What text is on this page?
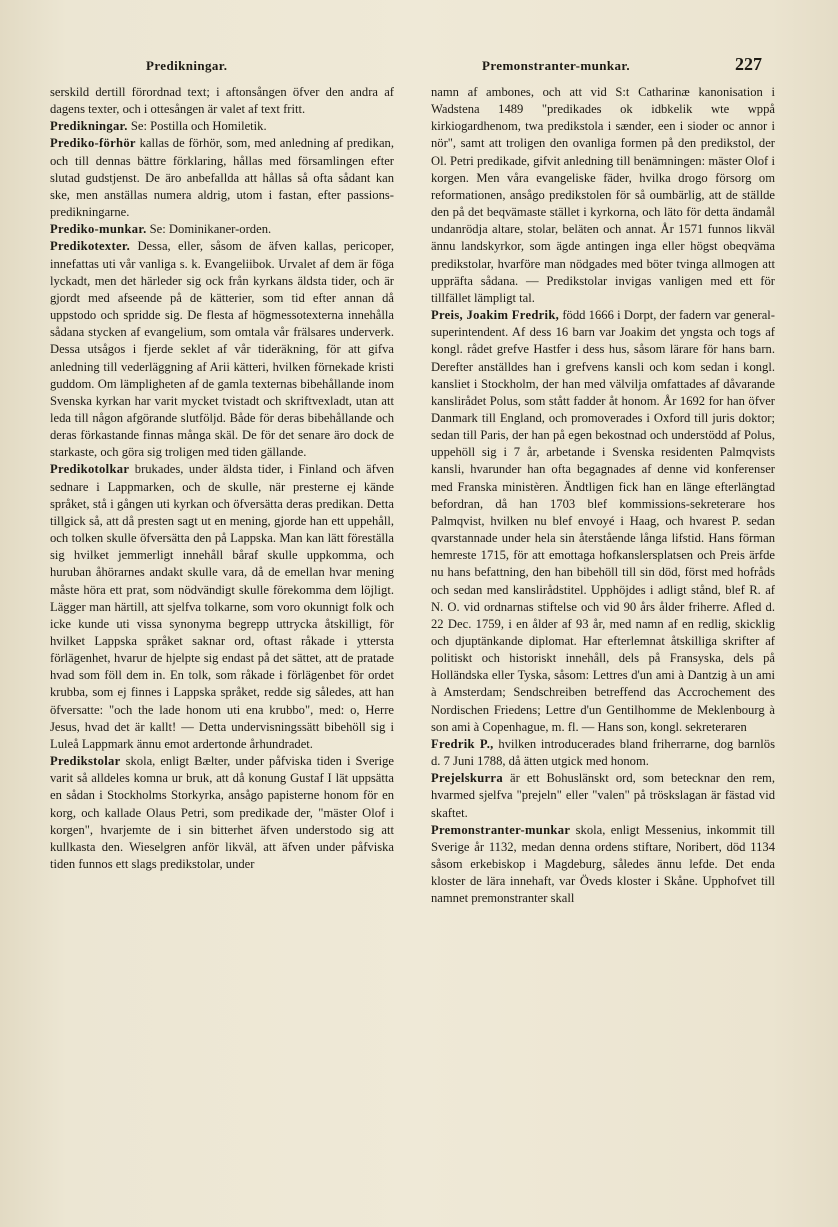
Predikningar.	Premonstranter-munkar.	227

serskild dertill förordnad text; i aftonsången öfver den andra af dagens texter, och i ottesången är valet af text fritt.

Predikningar. Se: Postilla och Homiletik.

Prediko-förhör kallas de förhör, som, med anledning af predikan, och till dennas bättre förklaring, hållas med församlingen efter slutad gudstjenst. De äro anbefallda att hållas så ofta sådant kan ske, men anställas numera aldrig, utom i fastan, efter passions-predikningarne.

Prediko-munkar. Se: Dominikaner-orden.

Predikotexter. Dessa, eller, såsom de äfven kallas, pericoper, innefattas uti vår vanliga s. k. Evangeliibok. Urvalet af dem är föga lyckadt, men det härleder sig ock från kyrkans äldsta tider, och är gjordt med afseende på de kätterier, som tid efter annan då uppstodo och spridde sig. De flesta af högmessotexterna innehålla sådana stycken af evangelium, som omtala vår frälsares underverk. Dessa utsågos i fjerde seklet af vår tideräkning, för att gifva anledning till vederläggning af Arii kätteri, hvilken förnekade kristi guddom. Om lämpligheten af de gamla texternas bibehållande inom Svenska kyrkan har varit mycket tvistadt och skriftvexladt, utan att leda till någon afgörande slutföljd. Både för deras bibehållande och deras förkastande finnas många skäl. De för det senare äro dock de starkaste, och göra sig troligen med tiden gällande.

Predikotolkar brukades, under äldsta tider, i Finland och äfven sednare i Lappmarken, och de skulle, när presterne ej kände språket, stå i gången uti kyrkan och öfversätta deras predikan. Detta tillgick så, att då presten sagt ut en mening, gjorde han ett uppehåll, och tolken skulle öfversätta den på Lappska. Man kan lätt föreställa sig hvilket jemmerligt innehåll båraf skulle uppkomma, och huruban åhörarnes andakt skulle vara, då de emellan hvar mening måste höra ett prat, som nödvändigt skulle förekomma dem löjligt. Lägger man härtill, att sjelfva tolkarne, som voro okunnigt folk och icke kunde uti vissa synonyma begrepp uttrycka åtskilligt, för hvilket Lappska språket saknar ord, oftast råkade i yttersta förlägenhet, hvarur de hjelpte sig endast på det sättet, att de pratade hvad som föll dem in. En tolk, som råkade i förlägenbet för ordet krubba, som ej finnes i Lappska språket, redde sig således, att han öfversatte: "och the lade honom uti ena krubbo", med: o, Herre Jesus, hvad det är kallt! — Detta undervisningssätt bibehöll sig i Luleå Lappmark ännu emot ardertonde århundradet.

Predikstolar skola, enligt Bælter, under påfviska tiden i Sverige varit så alldeles komna ur bruk, att då konung Gustaf I lät uppsätta en sådan i Stockholms Storkyrka, ansågo papisterne honom för en korg, och kallade Olaus Petri, som predikade der, "mäster Olof i korgen", hvarjemte de i sin bitterhet äfven understodo sig att kullkasta den. Wieselgren anför likväl, att äfven under påfviska tiden funnos ett slags predikstolar, under

namn af ambones, och att vid S:t Catharinæ kanonisation i Wadstena 1489 "predikades ok idbkelik wte wppå kirkiogardhenom, twa predikstola i sænder, een i sioder oc annor i nör", samt att troligen den ovanliga formen på den predikstol, der Ol. Petri predikade, gifvit anledning till benämningen: mäster Olof i korgen. Men våra evangeliske fäder, hvilka drogo försorg om reformationen, ansågo predikstolen för så oumbärlig, att de ställde den på det beqvämaste stället i kyrkorna, och läto för detta ändamål undanrödja altare, stolar, beläten och annat. År 1571 funnos likväl ännu landskyrkor, som ägde antingen inga eller högst obeqväma predikstolar, hvarföre man nödgades med böter tvinga allmogen att uppräfta sådana. — Predikstolar invigas vanligen med ett för tillfället lämpligt tal.

Preis, Joakim Fredrik, född 1666 i Dorpt, der fadern var general-superintendent. Af dess 16 barn var Joakim det yngsta och togs af kongl. rådet grefve Hastfer i dess hus, såsom lärare för hans barn. Derefter anställdes han i grefvens kansli och kom sedan i kongl. kansliet i Stockholm, der han med välvilja omfattades af dåvarande kanslirådet Polus, som stått fadder åt honom. År 1692 for han öfver Danmark till England, och promoverades i Oxford till juris doktor; sedan till Paris, der han på egen bekostnad och understödd af Polus, uppehöll sig i 7 år, arbetande i Svenska residenten Palmqvists kansli, hvarunder han ofta begagnades af denne vid konferenser med Franska ministèren. Ändtligen fick han en länge efterlängtad befordran, då han 1703 blef kommissions-sekreterare hos Palmqvist, hvilken nu blef envoyé i Haag, och hvarest P. sedan qvarstannade under hela sin återstående långa lifstid. Hans förman hemreste 1715, för att emottaga hofkanslersplatsen och Preis ärfde nu hans befattning, den han bibehöll till sin död, först med hofråds och sedan med kanslirådstitel. Upphöjdes i adligt stånd, blef R. af N. O. vid ordnarnas stiftelse och vid 90 års ålder friherre. Afled d. 22 Dec. 1759, i en ålder af 93 år, med namn af en redlig, skicklig och djuptänkande diplomat. Har efterlemnat åtskilliga skrifter af politiskt och historiskt innehåll, dels på Fransyska, dels på Holländska eller Tyska, såsom: Lettres d'un ami à Dantzig à un ami à Amsterdam; Sendschreiben betreffend das Accrochement des Nordischen Friedens; Lettre d'un Gentilhomme de Meklenbourg à son ami à Copenhague, m. fl. — Hans son, kongl. sekreteraren

Fredrik P., hvilken introducerades bland friherrarne, dog barnlös d. 7 Juni 1788, då ätten utgick med honom.

Prejelskurra är ett Bohuslänskt ord, som betecknar den rem, hvarmed sjelfva "prejeln" eller "valen" på tröskslagan är fästad vid skaftet.

Premonstranter-munkar skola, enligt Messenius, inkommit till Sverige år 1132, medan denna ordens stiftare, Noribert, död 1134 såsom erkebiskop i Magdeburg, således ännu lefde. Det enda kloster de lära innehaft, var Öveds kloster i Skåne. Upphofvet till namnet premonstranter skall
